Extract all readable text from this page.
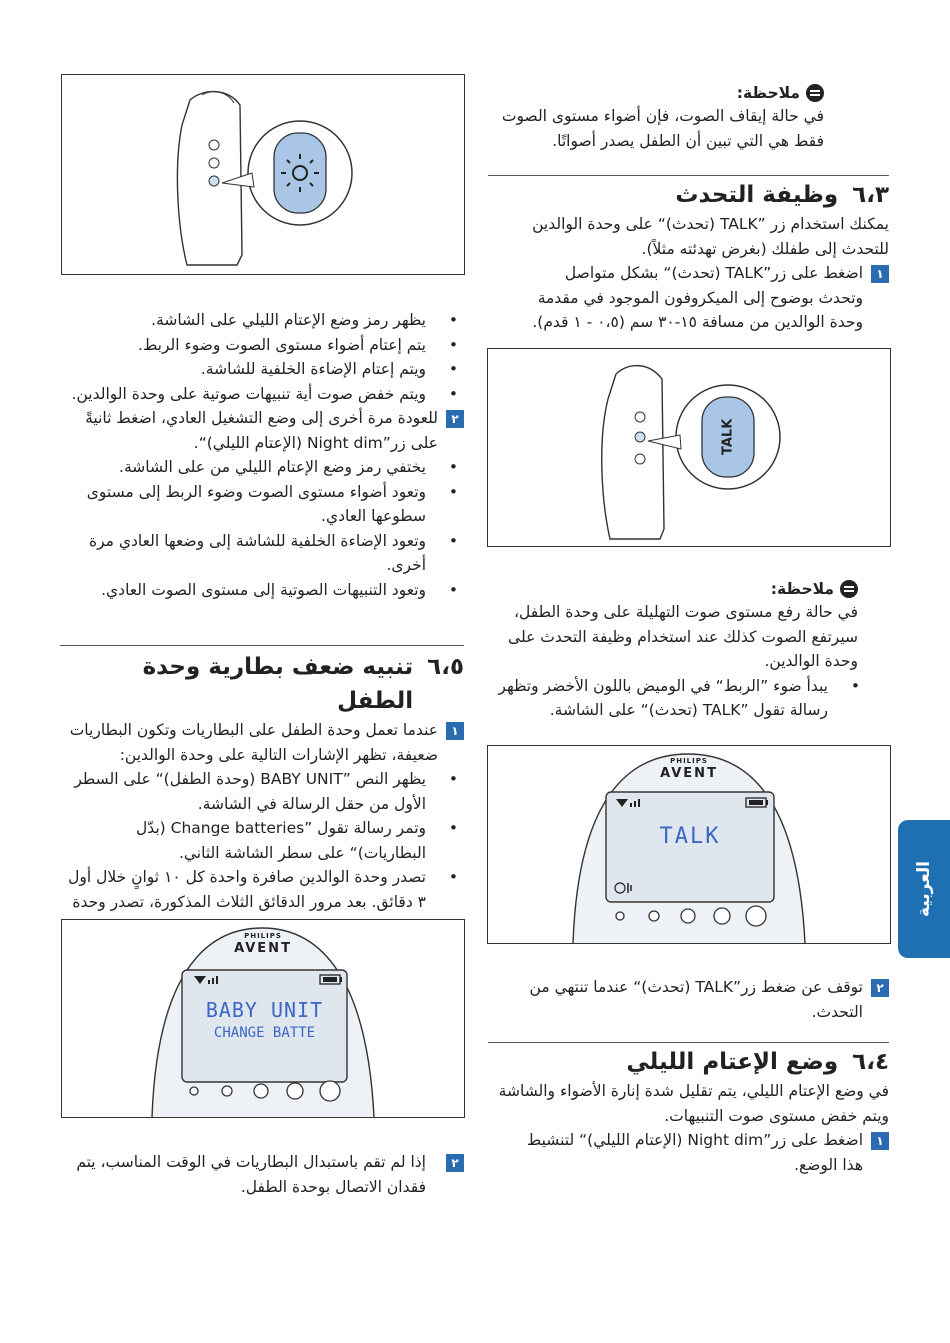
• يظهر رمز وضع الإعتام الليلي على الشاشة.
• يتم إعتام أضواء مستوى الصوت وضوء الربط.
• ويتم إعتام الإضاءة الخلفية للشاشة.
• ويتم خفض صوت أية تنبيهات صوتية على وحدة الوالدين.
٢
للعودة مرة أخرى إلى وضع التشغيل العادي، اضغط ثانيةً على زر”Night dim (الإعتام الليلي)“.
• يختفي رمز وضع الإعتام الليلي من على الشاشة.
• وتعود أضواء مستوى الصوت وضوء الربط إلى مستوى سطوعها العادي.
• وتعود الإضاءة الخلفية للشاشة إلى وضعها العادي مرة أخرى.
• وتعود التنبيهات الصوتية إلى مستوى الصوت العادي.
٦،٥
تنبيه ضعف بطارية وحدة الطفل
١
عندما تعمل وحدة الطفل على البطاريات وتكون البطاريات ضعيفة، تظهر الإشارات التالية على وحدة الوالدين:
• يظهر النص ”BABY UNIT (وحدة الطفل)“ على السطر الأول من حقل الرسالة في الشاشة.
• وتمر رسالة تقول ”Change batteries (بدّل البطاريات)“ على سطر الشاشة الثاني.
• تصدر وحدة الوالدين صافرة واحدة كل ١٠ ثوانٍ خلال أول ٣ دقائق. بعد مرور الدقائق الثلاث المذكورة، تصدر وحدة
PHILIPS
AVENT
BABY UNIT
CHANGE BATTE
٢
إذا لم تقم باستبدال البطاريات في الوقت المناسب، يتم فقدان الاتصال بوحدة الطفل.
ملاحظة:

في حالة إيقاف الصوت، فإن أضواء مستوى الصوت فقط هي التي تبين أن الطفل يصدر أصواتًا.

٦،٣
وظيفة التحدث

يمكنك استخدام زر ”TALK (تحدث)“ على وحدة الوالدين للتحدث إلى طفلك (بغرض تهدئته مثلاً).

١
اضغط على زر”TALK (تحدث)“ بشكل متواصل وتحدث بوضوح إلى الميكروفون الموجود في مقدمة وحدة الوالدين من مسافة ١٥-٣٠ سم (٠،٥ - ١ قدم).
TALK
ملاحظة:

في حالة رفع مستوى صوت التهليلة على وحدة الطفل، سيرتفع الصوت كذلك عند استخدام وظيفة التحدث على وحدة الوالدين.

• يبدأ ضوء ”الربط“ في الوميض باللون الأخضر وتظهر رسالة تقول ”TALK (تحدث)“ على الشاشة.
PHILIPS
AVENT
TALK
٢
توقف عن ضغط زر”TALK (تحدث)“ عندما تنتهي من التحدث.
٦،٤
وضع الإعتام الليلي

في وضع الإعتام الليلي، يتم تقليل شدة إنارة الأضواء والشاشة ويتم خفض مستوى صوت التنبيهات.

١
اضغط على زر”Night dim (الإعتام الليلي)“ لتنشيط هذا الوضع.
العربية
